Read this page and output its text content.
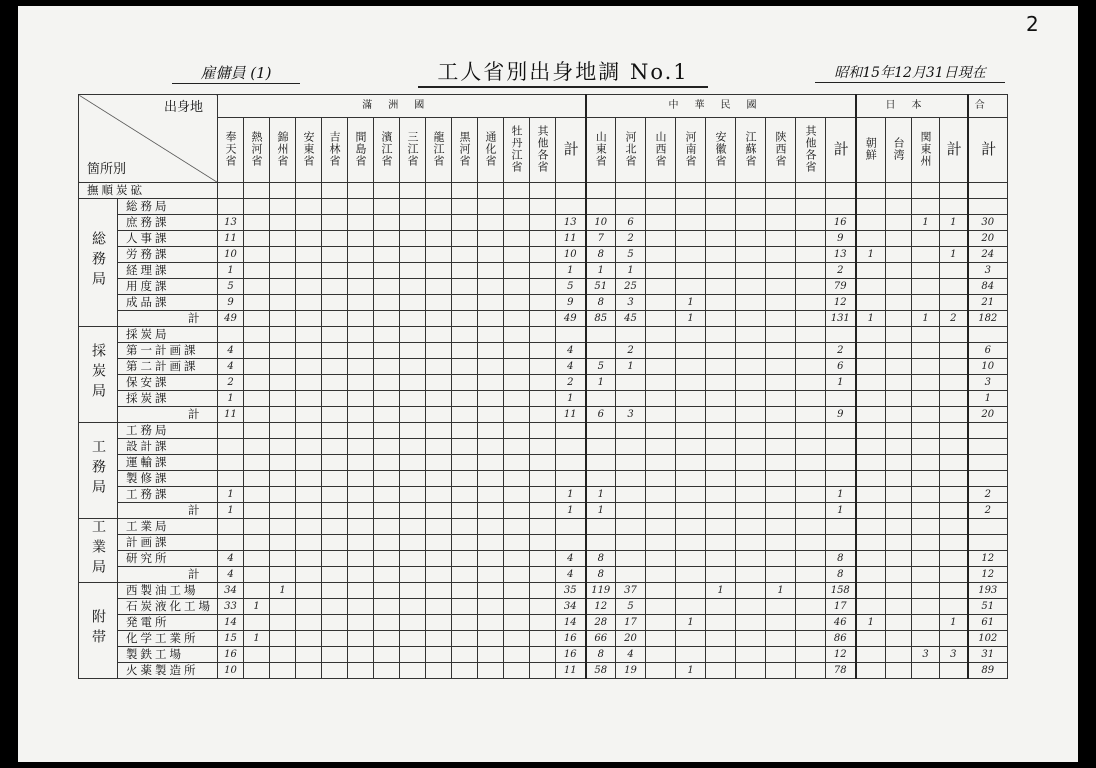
2
雇傭員 (1)	工人省別出身地調 No.1	昭和15年12月31日現在
出身地
箇所別		滿洲國														中華民國									日本				合
		奉天省	熱河省	錦州省	安東省	吉林省	間島省	濱江省	三江省	龍江省	黒河省	通化省	牡丹江省	其他各省	計	山東省	河北省	山西省	河南省	安徽省	江蘇省	陝西省	其他各省	計	朝鮮	台湾	関東州	計	計
撫順炭砿																													
総務局	総務局																												
	庶務課	13													13	10	6							16			1	1	30
	人事課	11													11	7	2							9					20
	労務課	10													10	8	5							13	1			1	24
	経理課	1													1	1	1							2					3
	用度課	5													5	51	25							79					84
	成品課	9													9	8	3		1					12					21
	計	49													49	85	45		1					131	1		1	2	182
採炭局	採炭局																												
	第一計画課	4													4		2							2					6
	第二計画課	4													4	5	1							6					10
	保安課	2													2	1								1					3
	採炭課	1													1														1
	計	11													11	6	3							9					20
工務局	工務局																												
	設計課																												
	運輸課																												
	製修課																												
	工務課	1													1	1								1					2
	計	1													1	1								1					2
工業局	工業局																												
	計画課																												
	研究所	4													4	8								8					12
	計	4													4	8								8					12
附帯	西製油工場	34		1											35	119	37			1		1		158					193
	石炭液化工場	33	1												34	12	5							17					51
	発電所	14													14	28	17		1					46	1			1	61
	化学工業所	15	1												16	66	20							86					102
	製鉄工場	16													16	8	4							12			3	3	31
	火薬製造所	10													11	58	19		1					78					89
